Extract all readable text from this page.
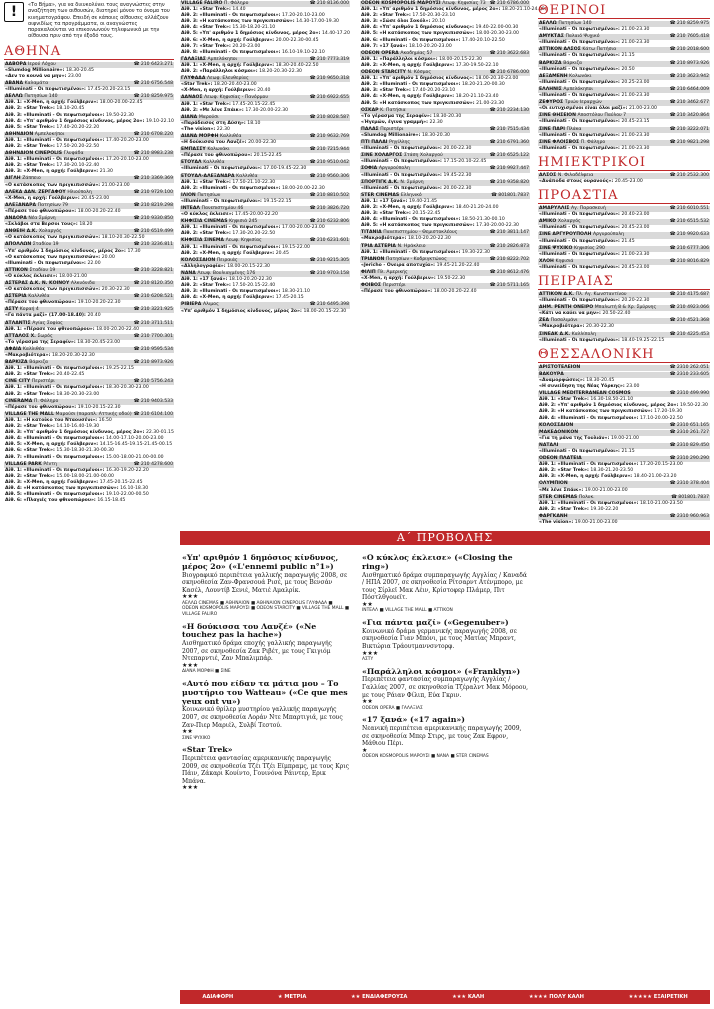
!	«Το Βήμα», για να διευκολύνει τους αναγνώστες στην αναζήτηση των αιθουσών, διατηρεί μόνον το όνομα του κινηματογράφου. Επειδή σε κάποιες αίθουσες αλλάζουν αιφνιδίως τα προγράμματα, οι αναγνώστες παρακαλούνται να επικοινωνούν τηλεφωνικά με την αίθουσα πριν από την έξοδό τους.
ΑΘΗΝΑ
ΑΑΒΟΡΑ Ιερού Λόχου	☎ 210 6423.271
«Slumdog Millionaire»: 18.30-20.45
«Δεν το κουνά να μην»: 23.00
ΑΒΑΝΑ Καλαμάτα	☎ 210 6756.548
«Illuminati - Οι πεφωτισμένοι»: 17.45-20.20-23.15
ΑΕΛΛΩ Πατησίων 140	☎ 210 8259.975
Αίθ. 1: «Χ-Men, η αρχή: Γούλβεριν»: 18.00-20.00-22.45
Αίθ. 2: «Star Trek»: 18.10-20.45
Αίθ. 3: «Illuminati - Οι πεφωτισμένοι»: 19.50-22.30
Αίθ. 4: «Υπ' αριθμόν 1 δημόσιος κίνδυνος, μέρος 2ο»: 19.10-22.10
Αίθ. 5: «Star Trek»: 17.40-20.20-22.20
ΑΘΗΝΑΙΟΝ Αμπελοκήποι	☎ 210 6708.220
Αίθ. 1: «Illuminati - Οι πεφωτισμένοι»: 17.40-20.20-23.00
Αίθ. 2: «Star Trek»: 17.50-20.20-22.50
ΑΘΗΝΑΙΟΝ CINEPOLIS Γλυφάδα	☎ 210 8983.238
Αίθ. 1: «Illuminati - Οι πεφωτισμένοι»: 17.20-20.10-23.00
Αίθ. 2: «Star Trek»: 17.30-20.10-22.40
Αίθ. 3: «Χ-Men, η αρχή: Γούλβεριν»: 21.30
ΑΙΓΛΗ Ζάππειο	☎ 210 3369.369
«Ο κατάσκοπος των πριγκιπισσών»: 21.00-23.00
ΑΛΕΚΑ ΔΑΝ. ΖΕΡΓΑΦΟΥ Ηλιούπολη	☎ 210 9729.100
«Χ-Men, η αρχή: Γούλβεριν»: 20.45-23.00
ΑΛΕΞΑΝΔΡΑ Πατησίων 79	☎ 210 8219.298
«Πέρασε του φθινοπώρου»: 18.00-20.20-22.40
ΑΝΔΟΡΑ Νέα Σμύρνη	☎ 210 9330.850
«Σκλάβοι στα Βερσοι τους»: 18.20
ΑΝΘΕΙΗ Δ.Κ. Χολαργός	☎ 210 6519.499
«Ο κατάσκοπος των πριγκιπισσών»: 18.10-20.30-22.50
ΑΠΟΛΛΩΝ Σταδίου 19	☎ 210 3236.811
«Υπ' αριθμόν 1 δημόσιος κίνδυνος, μέρος 2ο»: 17.30
«Ο κατάσκοπος των πριγκιπισσών»: 20.00
«Illuminati - Οι πεφωτισμένοι»: 22.00
ΑΤΤΙΚΟΝ Σταδίου 19	☎ 210 3228.821
«Ο κύκλος έκλεισε»: 18.00-21.00
ΑΣΤΕΡΑΣ Δ.Κ. Ν. ΚΟΙΝΟΥ Αλκυόνιδα	☎ 210 8120.350
«Ο κατάσκοπος των πριγκιπισσών»: 20.30-22.30
ΑΣΤΕΡΙΑ Καλλιθέα	☎ 210 6208.521
«Πέρασε του φθινοπώρου»: 19.10-20.20-22.30
ΑΣΤΥ Κοραή 4	☎ 210 3221.925
«Γα πάντα μαζί» (17.00-18.40): 20.40
ΑΤΛΑΝΤΙΣ Αγίας Σοφίας	☎ 210 3711.511
Αίθ. 1: «Πέρασε του φθινοπώρου»: 18.00-20.20-22.40
ΑΤΤΑΛΟΣ Χ. Σωρός	☎ 210 7700.301
«Το γέρασμα της Σεραφίν»: 18.30-20.45-23.00
ΑΦΑΙΑ Καλλιθέα	☎ 210 9595.534
«Μακροβιότερα»: 18.20-20.30-22.30
ΒΑΡΚΙΖΑ Βάρκιζα	☎ 210 8973.926
Αίθ. 1: «Illuminati - Οι πεφωτισμένοι»: 19.25-22.15
Αίθ. 2: «Star Trek»: 20.40-22.45
CINE CITY Περιστέρι	☎ 210 5756.243
Αίθ. 1: «Illuminati - Οι πεφωτισμένοι»: 18.30-20.30-23.00
Αίθ. 2: «Star Trek»: 18.30-20.30-23.00
CINERAMA Π. Φάληρο	☎ 210 9403.533
«Πέρασε του φθινοπώρου»: 19.10-20.15-22.30
VILLAGE THE MALL Μαρούσι (παραπλ. Αττικής οδού) ☎ 210 6104.100
Αίθ. 1: «Η κατοίκο του Νταουσένι»: 16.50
Αίθ. 2: «Star Trek»: 14.10-16.40-19.30
Αίθ. 3: «Υπ' αριθμόν 1 δημόσιος κίνδυνος, μέρος 2ο»: 22.30-01.15
Αίθ. 4: «Illuminati - Οι πεφωτισμένοι»: 14.00-17.10-20.00-23.00
Αίθ. 5: «Χ-Men, η αρχή: Γούλβεριν»: 14.15-16.45-19.15-21.45-00.15
Αίθ. 6: «Star Trek»: 15.30-18.30-21.30-00.30
Αίθ. 7: «Illuminati - Οι πεφωτισμένοι»: 15.00-18.00-21.00-00.00
VILLAGE PARK Ρέντη	☎ 210 4278.600
Αίθ. 1: «Illuminati - Οι πεφωτισμένοι»: 16.30-19.20-22.20
Αίθ. 2: «Star Trek»: 15.00-18.00-21.00-00.00
Αίθ. 3: «Χ-Men, η αρχή: Γούλβεριν»: 17.45-20.15-22.45
Αίθ. 4: «Η κατάσκοπος των πριγκιπισσών»: 16.10-18.30
Αίθ. 5: «Illuminati - Οι πεφωτισμένοι»: 19.10-22.00-00.50
Αίθ. 6: «Πλαγιές του φθινοπώρου»: 16.15-18.45
VILLAGE FALIRO Π. Φάληρο	☎ 210 8136.000
Αίθ. 1: «Star Trek»: 14.40
Αίθ. 2: «Illuminati - Οι πεφωτισμένοι»: 17.20-20.10-23.00
Αίθ. 3: «Η κατάσκοπος των πριγκιπισσών»: 14.30-17.00-19.30
Αίθ. 4: «Star Trek»: 15.30-18.20-21.10
Αίθ. 5: «Υπ' αριθμόν 1 δημόσιος κίνδυνος, μέρος 2ο»: 14.40-17.20
Αίθ. 6: «Χ-Men, η αρχή: Γούλβεριν»: 20.00-22.30-00.45
Αίθ. 7: «Star Trek»: 20.20-23.00
Αίθ. 8: «Illuminati - Οι πεφωτισμένοι»: 16.10-19.10-22.10
ΓΑΛΑΞΙΑΣ Αμπελόκηποι	☎ 210 7773.319
Αίθ. 1: «Χ-Men, η αρχή: Γούλβεριν»: 18.30-20.40-22.50
Αίθ. 2: «Παράλληλοι κόσμοι»: 18.20-20.30-22.30
ΓΛΥΦΑΔΑ Λεωφ. Ελευθερίας	☎ 210 9650.318
«Star Trek»: 18.20-20.40-23.00
«Χ-Men, η αρχή: Γούλβεριν»: 20.40
ΔΑΝΑΟΣ Λεωφ. Κηφισίας - Πανόρμου	☎ 210 6922.655
Αίθ. 1: «Star Trek»: 17.45-20.15-22.45
Αίθ. 2: «Με λένε Σπάικ»: 17.30-20.00-22.30
ΔΙΑΝΑ Μαρούσι	☎ 210 8028.587
«Παράδεισος στη Δύση»: 18.10
«The vision»: 22.30
ΔΙΑΝΑ ΜΟΡΦΗ Καλλιθέα	☎ 210 9632.769
«Η δούκισσα του Λανζέ»: 20.00-22.30
ΕΜΠΑΣΣΥ Κολωνάκι	☎ 210 7215.944
«Πέρασε του φθινοπώρου»: 20.15-22.45
ΕΤΟΥΑΛ Καλλιθέα	☎ 210 9510.042
«Illuminati - Οι πεφωτισμένοι»: 17.00-19.45-22.30
ΕΤΟΥΑΛ-ΑΛΕΞΑΝΔΡΑ Καλλιθέα	☎ 210 9560.306
Αίθ. 1: «Star Trek»: 17.50-21.10-22.30
Αίθ. 2: «Illuminati - Οι πεφωτισμένοι»: 18.00-20.00-22.30
ΙΛΙΟΝ Πατησίων	☎ 210 8810.502
«Illuminati - Οι πεφωτισμένοι»: 19.15-22.15
ΙΝΤΕΑΛ Πανεπιστημίου 46	☎ 210 3826.720
«Ο κύκλος έκλεισε»: 17.45-20.00-22.20
ΚΗΦΙΣΙΑ CINEMAS Κηφισιά 245	☎ 210 6232.806
Αίθ. 1: «Illuminati - Οι πεφωτισμένοι»: 17.00-20.00-23.00
Αίθ. 2: «Star Trek»: 17.30-20.20-22.50
ΚΗΦΙΣΙΑ ΣΙΝΕΜΑ Λεωφ. Κηφισίας	☎ 210 6231.601
Αίθ. 1: «Illuminati - Οι πεφωτισμένοι»: 19.15-22.00
Αίθ. 2: «Χ-Men, η αρχή: Γούλβεριν»: 20.45
ΚΟΛΟΣΣΑΙΟΝ Πειραιάς	☎ 210 9215.305
«Αλληλογραφία»: 18.00-20.15-22.30
ΝΑΝΑ Λεωφ. Βουλιαγμένης 176	☎ 210 9703.158
Αίθ. 1: «17 ξανά»: 18.10-20.20-22.30
Αίθ. 2: «Star Trek»: 17.50-20.15-22.40
Αίθ. 3: «Illuminati - Οι πεφωτισμένοι»: 18.30-21.10
Αίθ. 4: «Χ-Men, η αρχή: Γούλβεριν»: 17.45-20.15
ΡΙΒΙΕΡΑ Αλιμος	☎ 210 6495.398
«Υπ' αριθμόν 1 δημόσιος κίνδυνος, μέρος 2ο»: 18.00-20.15-22.30
ODEON KOSMOPOLIS ΜΑΡΟΥΣΙ Λεωφ. Κηφισίας 73 ☎ 210 6786.000
Αίθ. 1: «Υπ' αριθμόν 1 δημόσιος κίνδυνος, μέρος 2ο»: 18.20-21.10-24.00
Αίθ. 2: «Star Trek»: 17.50-20.30-23.10
Αίθ. 3: «Σώσε όλοι Σοκόλ»: 20.10
Αίθ. 4: «Υπ' αριθμόν 1 δημόσιος κίνδυνος»: 19.40-22.00-00.30
Αίθ. 5: «Η κατάσκοπος των πριγκιπισσών»: 18.00-20.30-23.00
Αίθ. 6: «Illuminati - Οι πεφωτισμένοι»: 17.40-20.10-22.50
Αίθ. 7: «17 ξανά»: 18.10-20.20-23.00
ODEON OPERA Ακαδημίας 57	☎ 210 3622.683
Αίθ. 1: «Παράλληλοι κόσμοι»: 18.00-20.15-22.30
Αίθ. 2: «Χ-Men, η αρχή: Γούλβεριν»: 17.30-19.50-22.10
ODEON STARCITY Ν. Κόσμος	☎ 210 6786.000
Αίθ. 1: «Υπ' αριθμόν 1 δημόσιος κίνδυνος»: 18.00-20.30-23.00
Αίθ. 2: «Illuminati - Οι πεφωτισμένοι»: 18.20-21.20-00.30
Αίθ. 3: «Star Trek»: 17.40-20.20-23.10
Αίθ. 4: «Χ-Men, η αρχή: Γούλβεριν»: 18.20-21.10-23.40
Αίθ. 5: «Η κατάσκοπος των πριγκιπισσών»: 21.00-23.30
ΟΣΚΑΡ Κ. Πατήσια	☎ 210 2234.130
«Το γέρασμα της Σεραφίν»: 18.30-20.30
«Ήγεμών, έγινα γραμμή»: 22.30
ΠΑΛΑΣ Περιστέρι	☎ 210 7515.434
«Slumdog Millionaire»: 18.30-20.30
ΠΤΙ ΠΑΛΑΙ Ρηγίλλης	☎ 210 6791.360
«Illuminati - Οι πεφωτισμένοι»: 20.00-22.30
ΣΙΝΕ ΧΟΛΑΡΓΟΣ Στάση Χολαργού	☎ 210 6525.122
«Illuminati - Οι πεφωτισμένοι»: 17.15-20.10-22.45
ΣΟΦΙΑ Αργυρούπολη	☎ 210 9927.447
«Illuminati - Οι πεφωτισμένοι»: 19.45-22.30
ΣΠΟΡΤΙΓΚ Δ.Κ. Ν. Σμύρνη	☎ 210 9358.820
«Illuminati - Οι πεφωτισμένοι»: 20.00-22.30
STER CINEMAS Ελληνικό	☎ 801801.7837
Αίθ. 1: «17 ξανά»: 19.40-21.45
Αίθ. 2: «Χ-Men, η αρχή: Γούλβεριν»: 18.40-21.20-24.00
Αίθ. 3: «Star Trek»: 20.15-22.45
Αίθ. 4: «Illuminati - Οι πεφωτισμένοι»: 18.50-21.30-00.10
Αίθ. 5: «Η κατάσκοπος των πριγκιπισσών»: 17.30-20.00-22.30
ΤΙΤΑΝΙΑ Πανεπιστημίου - Θεμιστοκλέους	☎ 210 3811.147
«Μακροβιότερα»: 18.10-20.20-22.30
ΤΡΙΑ ΑΣΤΕΡΙΑ Ν. Ηράκλειο	☎ 210 2826.873
Αίθ. 1: «Illuminati - Οι πεφωτισμένοι»: 19.30-22.30
ΤΡΙΑΝΟΝ Πατησίων - Κοδριγκτώνος	☎ 210 8222.702
«Jericho - Ονειρα αποτυχία»: 19.45-21.20-22.40
ΦΙΛΙΠ Πλ. Αμερικής	☎ 210 8612.476
«Χ-Men, η αρχή: Γούλβεριν»: 19.50-22.30
ΦΟΙΒΟΣ Περιστέρι	☎ 210 5711.165
«Πέρασε του φθινοπώρου»: 18.00-20.20-22.40
ΘΕΡΙΝΟΙ
ΑΕΛΛΩ Πατησίων 140	☎ 210 8259.975
«Illuminati - Οι πεφωτισμένοι»: 21.00-23.30
ΑΜΥΚΤΑΣ Παλαιό Ψυχικό	☎ 210 7605.418
«Illuminati - Οι πεφωτισμένοι»: 21.00-23.30
ΑΤΤΙΚΟΝ ΑΛΣΟΣ Κάτω Πατήσια	☎ 210 2018.600
«Illuminati - Οι πεφωτισμένοι»: 21.15
ΒΑΡΚΙΖΑ Βάρκιζα	☎ 210 8973.926
«Illuminati - Οι πεφωτισμένοι»: 20.50
ΔΕΞΑΜΕΝΗ Κολωνάκι	☎ 210 3623.942
«Illuminati - Οι πεφωτισμένοι»: 20.25-23.00
ΕΛΛΗΝΙΣ Αμπελόκηποι	☎ 210 6464.009
«Illuminati - Οι πεφωτισμένοι»: 21.00-23.30
ΖΕΦΥΡΟΣ Τριών Ιεραρχών	☎ 210 3462.677
«Οι ευτυχισμένοι είναι όλοι μαζί»: 21.00-23.00
ΣΙΝΕ ΘΗΣΕΙΟΝ Αποστόλου Παύλου 7	☎ 210 3420.864
«Illuminati - Οι πεφωτισμένοι»: 20.45-23.15
ΣΙΝΕ ΠΑΡΙ Πλάκα	☎ 210 3222.071
«Illuminati - Οι πεφωτισμένοι»: 21.00-23.30
ΣΙΝΕ ΦΛΟΙΣΒΟΣ Π. Φάληρο	☎ 210 9821.298
«Illuminati - Οι πεφωτισμένοι»: 21.00-23.30
ΗΜΙΕΚΤΡΙΚΟΙ
ΑΛΣΟΣ Ν. Φιλαδέλφεια	☎ 210 2532.300
«Ανάποδα στους ουρανούς»: 20.45-23.00
ΠΡΟΑΣΤΙΑ
ΑΜΑΡΥΛΛΙΣ Αγ. Παρασκευή	☎ 210 6010.551
«Illuminati - Οι πεφωτισμένοι»: 20.40-23.00
ΑΜΙΚΟ Χολαργός	☎ 210 6515.532
«Illuminati - Οι πεφωτισμένοι»: 20.45-23.00
ΣΙΝΕ ΑΡΓΥΡΟΥΠΟΛΗ Αργυρούπολη	☎ 210 9920.633
«Illuminati - Οι πεφωτισμένοι»: 21.45
ΣΙΝΕ ΨΥΧΙΚΟ Κηφισίας 290	☎ 210 6777.306
«Illuminati - Οι πεφωτισμένοι»: 21.00-23.30
ΧΛΟΗ Κηφισιά	☎ 210 8016.829
«Illuminati - Οι πεφωτισμένοι»: 20.45-23.00
ΠΕΙΡΑΙΑΣ
ΑΤΤΙΚΟΝ Δ.Κ. Πλ. Αγ. Κωνσταντίνου	☎ 210 4175.687
«Illuminati - Οι πεφωτισμένοι»: 20.20-22.30
ΔΗΜ. ΡΕΝΤΗ ΟΝΕΙΡΟ Μπαλωτή 8 & Χρ. Σμύρνης	☎ 210 4923.066
«Κάτι να καύει να μην»: 20.50-22.40
ΖΕΑ Πασαλιμάνι	☎ 210 4521.368
«Μακροβιότερα»: 20.30-22.30
ΣΙΝΕΑΚ Δ.Κ. Καλλίπολη	☎ 210 4225.453
«Illuminati - Οι πεφωτισμένοι»: 18.40-19.25-22.15
ΘΕΣΣΑΛΟΝΙΚΗ
ΑΡΙΣΤΟΤΕΛΕΙΟΝ	☎ 2310 262.051
ΒΑΚΟΥΡΑ	☎ 2310 233.605
«Αναμορφώσεις»: 18.30-20.45
«Η συνείδηση της Νέας Υόρκης»: 23.00
VILLAGE MEDITERRANEAN COSMOS	☎ 2310 499.990
Αίθ. 1: «Star Trek»: 16.30-18.50-21.10
Αίθ. 2: «Υπ' αριθμόν 1 δημόσιος κίνδυνος, μέρος 2ο»: 19.50-22.30
Αίθ. 3: «Η κατάσκοπος των πριγκιπισσών»: 17.20-19.30
Αίθ. 4: «Illuminati - Οι πεφωτισμένοι»: 17.10-20.00-22.50
ΚΟΛΟΣΣΑΙΟΝ	☎ 2310 651.165
ΜΑΚΕΔΟΝΙΚΟΝ	☎ 2310 261.727
«Για τη μάνα της Τουλιάν»: 19.00-21.00
ΝΑΤΑΛΙ	☎ 2310 829.450
«Illuminati - Οι πεφωτισμένοι»: 21.15
ODEON ΠΛΑΤΕΙΑ	☎ 2310 290.290
Αίθ. 1: «Illuminati - Οι πεφωτισμένοι»: 17.20-20.15-23.00
Αίθ. 2: «Star Trek»: 18.30-21.20-23.50
Αίθ. 3: «Χ-Men, η αρχή: Γούλβεριν»: 18.40-21.00-23.20
ΟΛΥΜΠΙΟΝ	☎ 2310 378.404
«Με λένε Σπάικ»: 19.00-21.00-23.00
STER CINEMAS Πολυκ.	☎ 801801.7837
Αίθ. 1: «Illuminati - Οι πεφωτισμένοι»: 18.10-21.00-23.50
Αίθ. 2: «Star Trek»: 19.30-22.20
ΦΑΡΓΚΑΝΗ	☎ 2310 960.963
«The vision»: 19.00-21.00-23.00
Α΄ ΠΡΟΒΟΛΗΣ
«Υπ' αριθμόν 1 δημόσιος κίνδυνος, μέρος 2ο» («L'ennemi public n°1»)
Βιογραφικό περιπέτεια γαλλικής παραγωγής 2008, σε σκηνοθεσία Ζαν-Φρανσουά Ρισέ, με τους Βενσάν Κασέλ, Λουντίβ Σενιέ, Ματιέ Αμαλρίκ.
★★★
ΑΕΛΛΩ CINEMAS ■ ΑΘΗΝΑΙΟΝ ■ ΑΘΗΝΑΙΟΝ CINEPOLIS ΓΛΥΦΑΔΑ ■ ODEON KOSMOPOLIS ΜΑΡΟΥΣΙ ■ ODEON STARCITY ■ VILLAGE THE MALL ■ VILLAGE FALIRO
«Η δούκισσα του Λανζέ» («Ne touchez pas la hache»)
Αισθηματικό δράμα εποχής γαλλικής παραγωγής 2007, σε σκηνοθεσία Ζακ Ριβέτ, με τους Γκιγιόμ Ντεπαρντιέ, Ζαν Μπαλιμπάρ.
★★★
ΔΙΑΝΑ ΜΟΡΦΗ ■ ΣΙΝΕ
«Αυτό που είδαν τα μάτια μου – Το μυστήριο του Watteau» («Ce que mes yeux ont vu»)
Κοινωνικό θρίλερ μυστηρίου γαλλικής παραγωγής 2007, σε σκηνοθεσία Λοράν Ντε Μπαρτιγιά, με τους Ζαν-Πιερ Μαριέλ, Συλβί Τεστού.
★★
ΣΙΝΕ ΨΥΧΙΚΟ
«Star Trek»
Περιπέτεια φαντασίας αμερικανικής παραγωγής 2009, σε σκηνοθεσία Τζέι Τζέι Εϊμπραμς, με τους Κρις Πάιν, Ζάκαρι Κουίντο, Γουινόνα Ράιντερ, Ερικ Μπάνα.
★★★
«Ο κύκλος έκλεισε» («Closing the ring»)
Αισθηματικό δράμα συμπαραγωγής Αγγλίας / Καναδά / ΗΠΑ 2007, σε σκηνοθεσία Ρίτσαρντ Ατένμπορο, με τους Σίρλεϊ Μακ Λέιν, Κρίστοφερ Πλάμερ, Πιτ Πόστλθγουεϊτ.
★★
ΙΝΤΕΑΛ ■ VILLAGE THE MALL ■ ΑΤΤΙΚΟΝ
«Για πάντα μαζί» («Gegenuber»)
Κοινωνικό δράμα γερμανικής παραγωγής 2008, σε σκηνοθεσία Γιαν Μπόνι, με τους Ματίας Μπραντ, Βικτώρια Τράουτμαννσντορφ.
★★★
ΑΣΤΥ
«Παράλληλοι κόσμοι» («Franklyn»)
Περιπέτεια φαντασίας συμπαραγωγής Αγγλίας / Γαλλίας 2007, σε σκηνοθεσία Τζέραλντ Μακ Μόροου, με τους Ράιαν Φίλιπ, Εύα Γκριν.
★★
ODEON OPERA ■ ΓΑΛΑΞΙΑΣ
«17 ξανά» («17 again»)
Νεανική περιπέτεια αμερικανικής παραγωγής 2009, σε σκηνοθεσία Μπερ Στιρς, με τους Ζακ Εφρον, Μάθιου Πέρι.
★
ODEON KOSMOPOLIS ΜΑΡΟΥΣΙ ■ ΝΑΝΑ ■ STER CINEMAS
ΑΔΙΑΦΟΡΗ	★ ΜΕΤΡΙΑ	★★ ΕΝΔΙΑΦΕΡΟΥΣΑ	★★★ ΚΑΛΗ	★★★★ ΠΟΛΥ ΚΑΛΗ	★★★★★ ΕΞΑΙΡΕΤΙΚΗ
